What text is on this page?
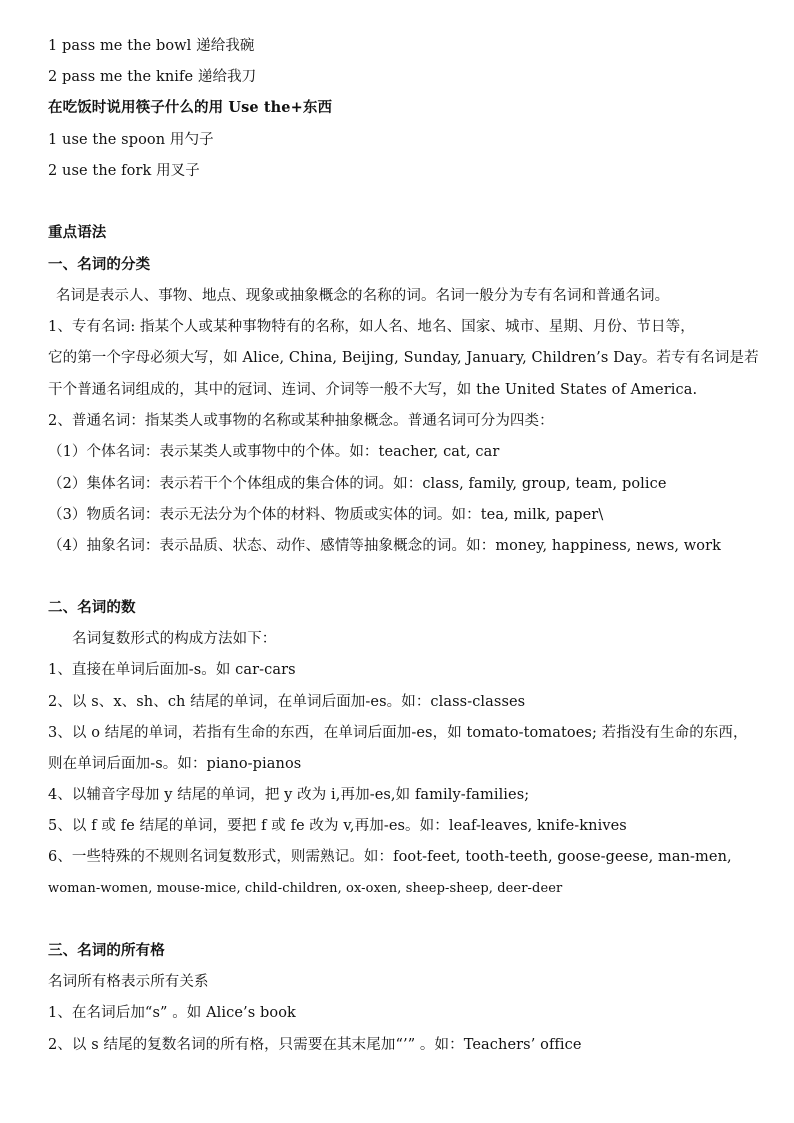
1 pass me the bowl 递给我碗
2 pass me the knife 递给我刀
在吃饭时说用筷子什么的用 Use the+东西
1 use the spoon 用勺子
2 use the fork 用叉子
重点语法
一、名词的分类
名词是表示人、事物、地点、现象或抽象概念的名称的词。名词一般分为专有名词和普通名词。
1、专有名词: 指某个人或某种事物特有的名称，如人名、地名、国家、城市、星期、月份、节日等，
它的第一个字母必须大写，如 Alice, China, Beijing, Sunday, January, Children’s Day。若专有名词是若
干个普通名词组成的，其中的冠词、连词、介词等一般不大写，如 the United States of America.
2、普通名词：指某类人或事物的名称或某种抽象概念。普通名词可分为四类：
（1）个体名词：表示某类人或事物中的个体。如：teacher, cat, car
（2）集体名词：表示若干个个体组成的集合体的词。如：class, family, group, team, police
（3）物质名词：表示无法分为个体的材料、物质或实体的词。如：tea, milk, paper\
（4）抽象名词：表示品质、状态、动作、感情等抽象概念的词。如：money, happiness, news, work
二、名词的数
名词复数形式的构成方法如下：
1、直接在单词后面加-s。如 car-cars
2、以 s、x、sh、ch 结尾的单词，在单词后面加-es。如：class-classes
3、以 o 结尾的单词，若指有生命的东西，在单词后面加-es，如 tomato-tomatoes; 若指没有生命的东西，
则在单词后面加-s。如：piano-pianos
4、以辅音字母加 y 结尾的单词，把 y 改为 i,再加-es,如 family-families;
5、以 f 或 fe 结尾的单词，要把 f 或 fe 改为 v,再加-es。如：leaf-leaves, knife-knives
6、一些特殊的不规则名词复数形式，则需熟记。如：foot-feet, tooth-teeth, goose-geese, man-men,
woman-women, mouse-mice, child-children, ox-oxen, sheep-sheep, deer-deer
三、名词的所有格
名词所有格表示所有关系
1、在名词后加“s” 。如 Alice’s book
2、以 s 结尾的复数名词的所有格，只需要在其末尾加“’” 。如：Teachers’ office
